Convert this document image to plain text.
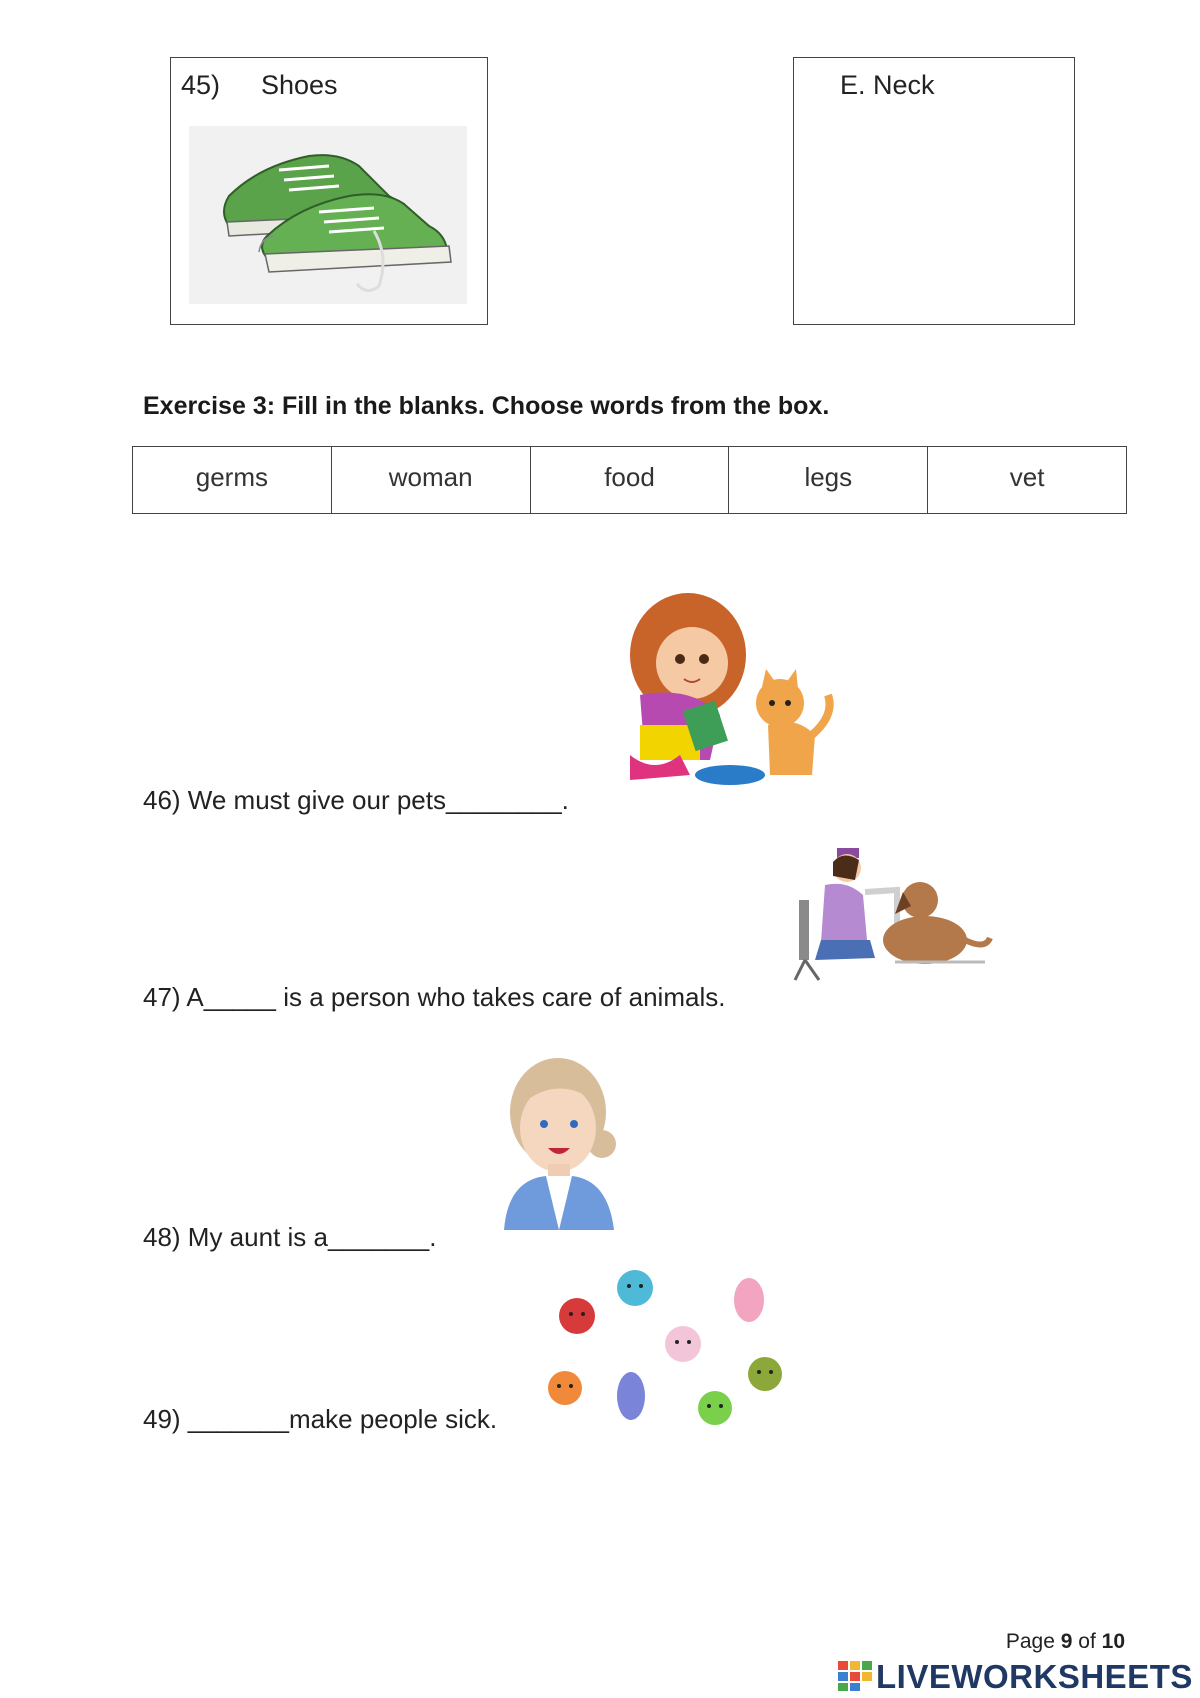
45) Shoes	E. Neck
Exercise 3: Fill in the blanks. Choose words from the box.
germs	woman	food	legs	vet
46) We must give our pets________.
47) A_____ is a person who takes care of animals.
48) My aunt is a_______.
49) _______make people sick.
Page 9 of 10
LIVEWORKSHEETS
